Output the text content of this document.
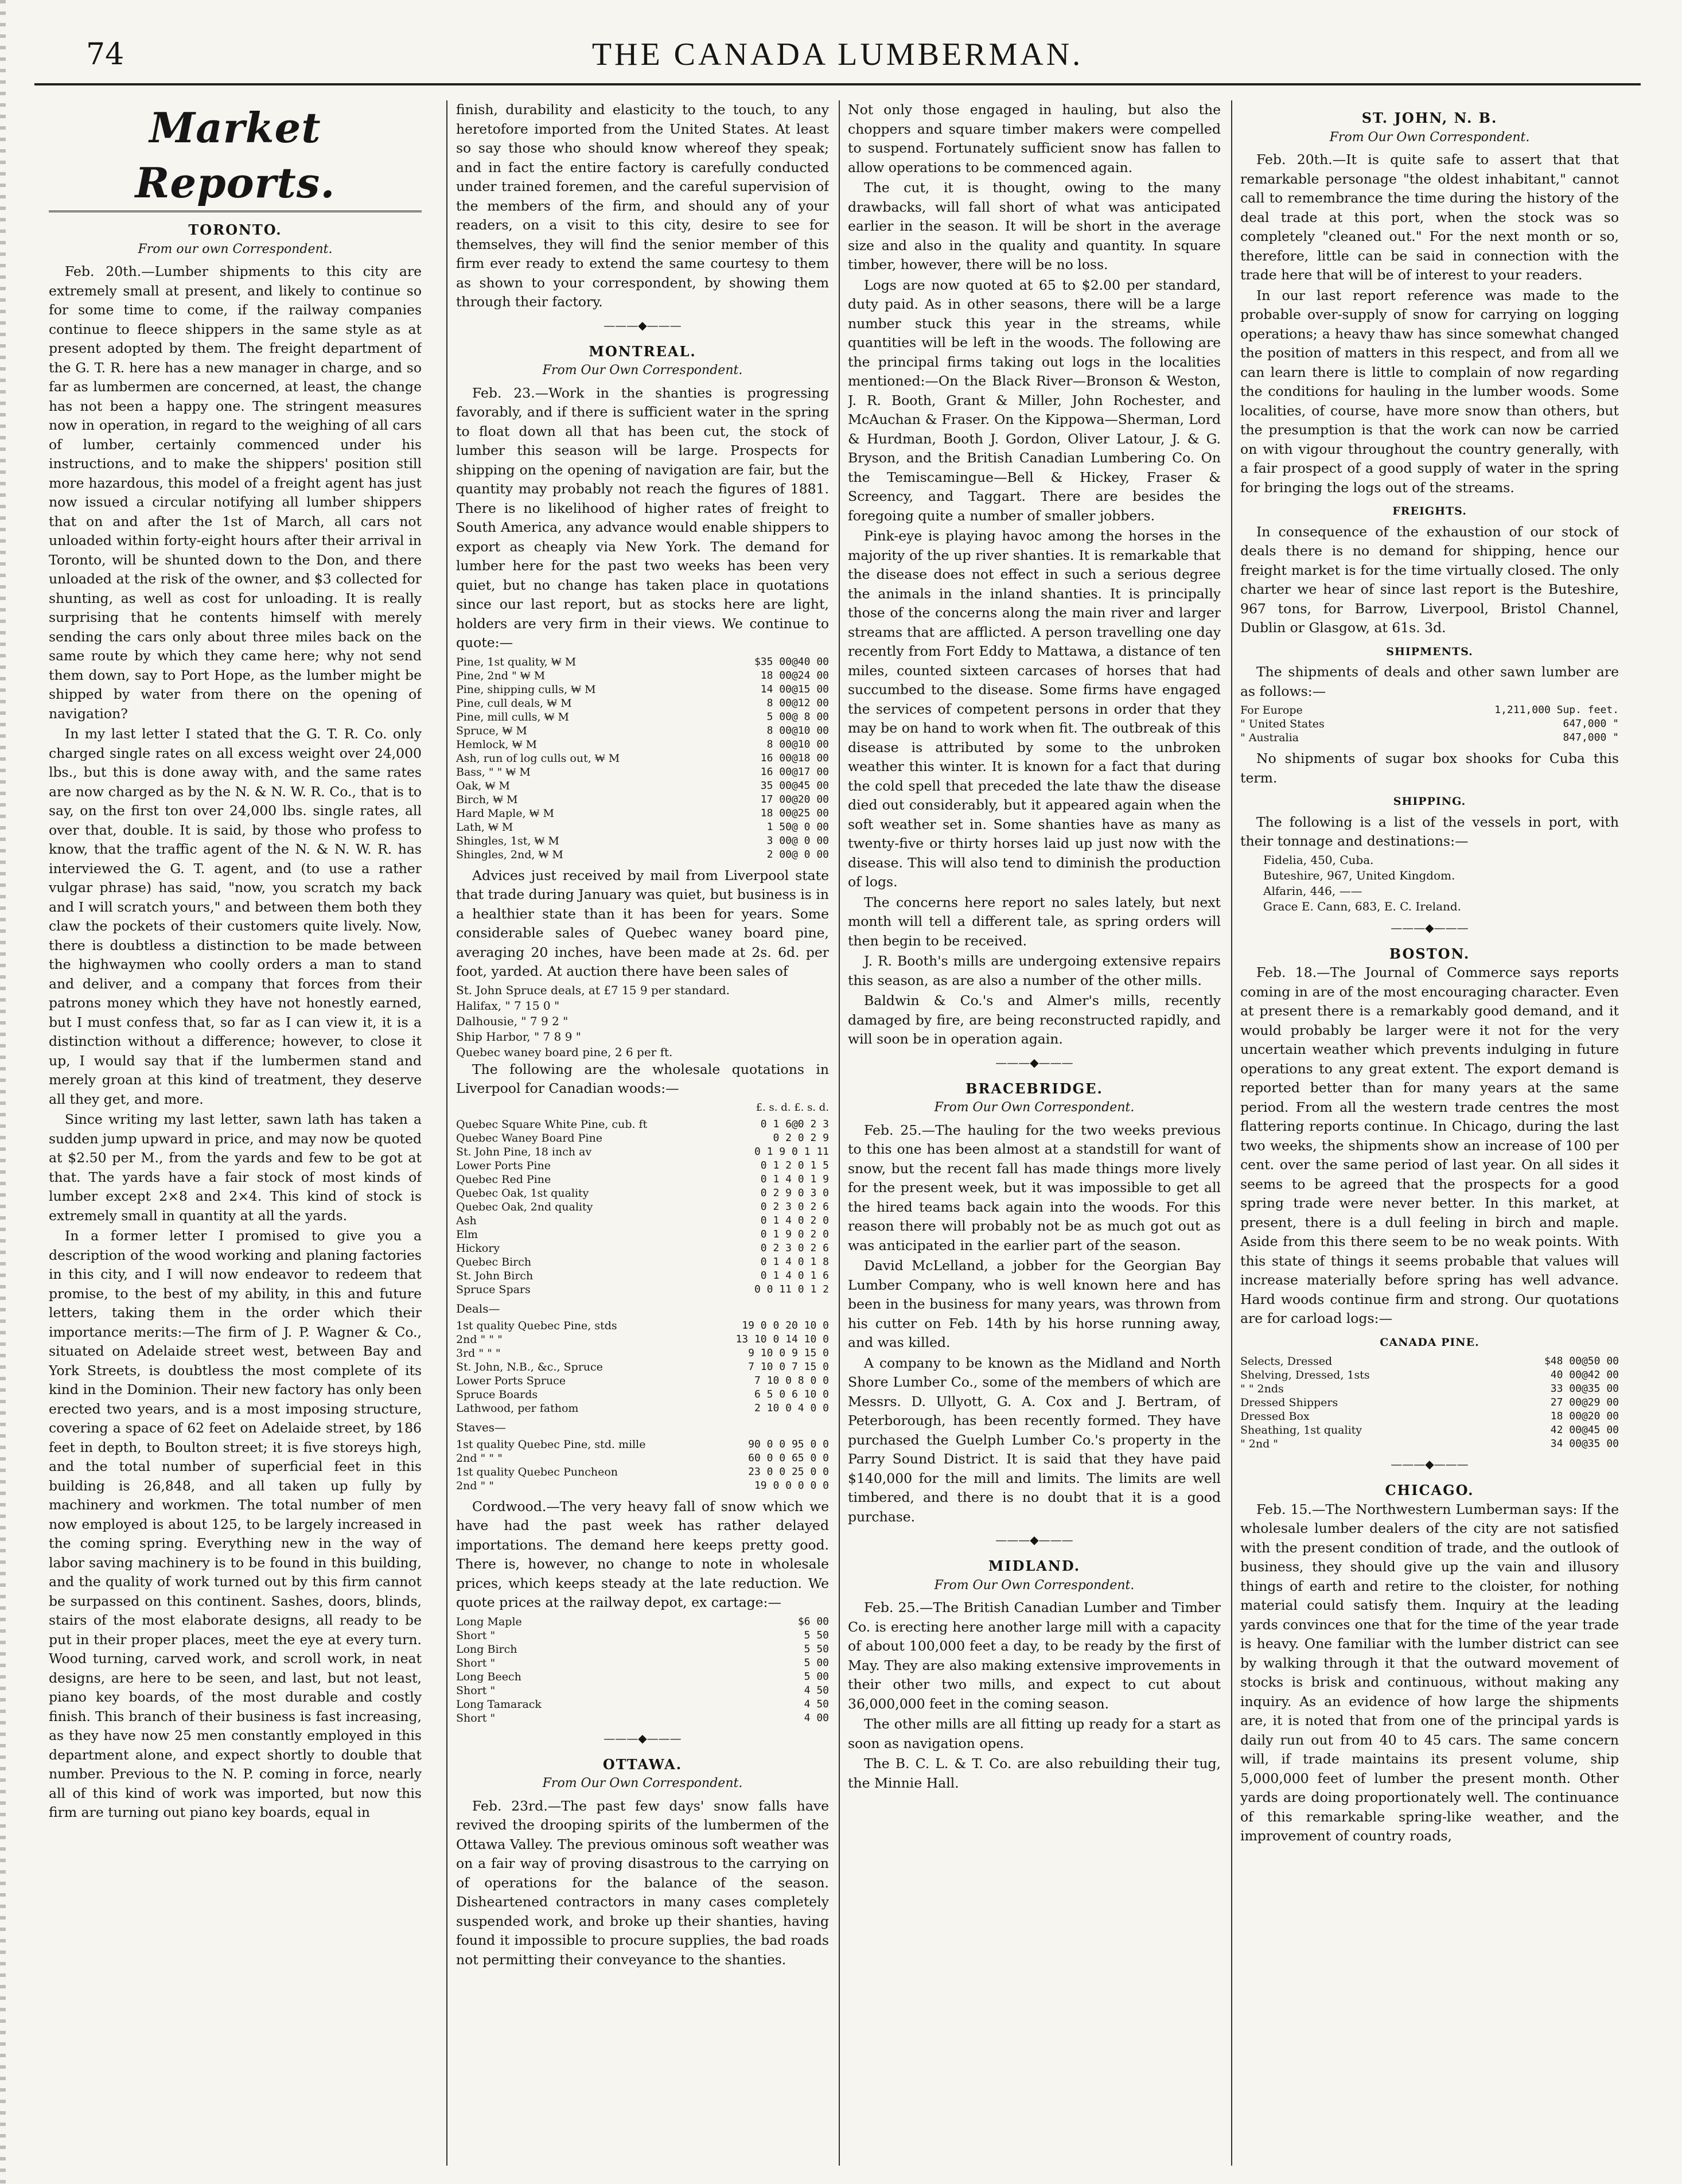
74	THE CANADA LUMBERMAN.
Market Reports.
TORONTO.
From our own Correspondent.

Feb. 20th.—Lumber shipments to this city are extremely small at present, and likely to continue so for some time to come, if the railway companies continue to fleece shippers in the same style as at present adopted by them. The freight department of the G. T. R. here has a new manager in charge, and so far as lumbermen are concerned, at least, the change has not been a happy one. The stringent measures now in operation, in regard to the weighing of all cars of lumber, certainly commenced under his instructions, and to make the shippers' position still more hazardous, this model of a freight agent has just now issued a circular notifying all lumber shippers that on and after the 1st of March, all cars not unloaded within forty-eight hours after their arrival in Toronto, will be shunted down to the Don, and there unloaded at the risk of the owner, and $3 collected for shunting, as well as cost for unloading. It is really surprising that he contents himself with merely sending the cars only about three miles back on the same route by which they came here; why not send them down, say to Port Hope, as the lumber might be shipped by water from there on the opening of navigation?

In my last letter I stated that the G. T. R. Co. only charged single rates on all excess weight over 24,000 lbs., but this is done away with, and the same rates are now charged as by the N. & N. W. R. Co., that is to say, on the first ton over 24,000 lbs. single rates, all over that, double. It is said, by those who profess to know, that the traffic agent of the N. & N. W. R. has interviewed the G. T. agent, and (to use a rather vulgar phrase) has said, "now, you scratch my back and I will scratch yours," and between them both they claw the pockets of their customers quite lively. Now, there is doubtless a distinction to be made between the highwaymen who coolly orders a man to stand and deliver, and a company that forces from their patrons money which they have not honestly earned, but I must confess that, so far as I can view it, it is a distinction without a difference; however, to close it up, I would say that if the lumbermen stand and merely groan at this kind of treatment, they deserve all they get, and more.

Since writing my last letter, sawn lath has taken a sudden jump upward in price, and may now be quoted at $2.50 per M., from the yards and few to be got at that. The yards have a fair stock of most kinds of lumber except 2×8 and 2×4. This kind of stock is extremely small in quantity at all the yards.

In a former letter I promised to give you a description of the wood working and planing factories in this city, and I will now endeavor to redeem that promise, to the best of my ability, in this and future letters, taking them in the order which their importance merits:—The firm of J. P. Wagner & Co., situated on Adelaide street west, between Bay and York Streets, is doubtless the most complete of its kind in the Dominion. Their new factory has only been erected two years, and is a most imposing structure, covering a space of 62 feet on Adelaide street, by 186 feet in depth, to Boulton street; it is five storeys high, and the total number of superficial feet in this building is 26,848, and all taken up fully by machinery and workmen. The total number of men now employed is about 125, to be largely increased in the coming spring. Everything new in the way of labor saving machinery is to be found in this building, and the quality of work turned out by this firm cannot be surpassed on this continent. Sashes, doors, blinds, stairs of the most elaborate designs, all ready to be put in their proper places, meet the eye at every turn. Wood turning, carved work, and scroll work, in neat designs, are here to be seen, and last, but not least, piano key boards, of the most durable and costly finish. This branch of their business is fast increasing, as they have now 25 men constantly employed in this department alone, and expect shortly to double that number. Previous to the N. P. coming in force, nearly all of this kind of work was imported, but now this firm are turning out piano key boards, equal in

finish, durability and elasticity to the touch, to any heretofore imported from the United States. At least so say those who should know whereof they speak; and in fact the entire factory is carefully conducted under trained foremen, and the careful supervision of the members of the firm, and should any of your readers, on a visit to this city, desire to see for themselves, they will find the senior member of this firm ever ready to extend the same courtesy to them as shown to your correspondent, by showing them through their factory.

———◆———
MONTREAL.
From Our Own Correspondent.

Feb. 23.—Work in the shanties is progressing favorably, and if there is sufficient water in the spring to float down all that has been cut, the stock of lumber this season will be large. Prospects for shipping on the opening of navigation are fair, but the quantity may probably not reach the figures of 1881. There is no likelihood of higher rates of freight to South America, any advance would enable shippers to export as cheaply via New York. The demand for lumber here for the past two weeks has been very quiet, but no change has taken place in quotations since our last report, but as stocks here are light, holders are very firm in their views. We continue to quote:—

Pine, 1st quality, ₩ M	$35 00@40 00
Pine, 2nd " ₩ M	18 00@24 00
Pine, shipping culls, ₩ M	14 00@15 00
Pine, cull deals, ₩ M	8 00@12 00
Pine, mill culls, ₩ M	5 00@ 8 00
Spruce, ₩ M	8 00@10 00
Hemlock, ₩ M	8 00@10 00
Ash, run of log culls out, ₩ M	16 00@18 00
Bass, " " ₩ M	16 00@17 00
Oak, ₩ M	35 00@45 00
Birch, ₩ M	17 00@20 00
Hard Maple, ₩ M	18 00@25 00
Lath, ₩ M	1 50@ 0 00
Shingles, 1st, ₩ M	3 00@ 0 00
Shingles, 2nd, ₩ M	2 00@ 0 00

Advices just received by mail from Liverpool state that trade during January was quiet, but business is in a healthier state than it has been for years. Some considerable sales of Quebec waney board pine, averaging 20 inches, have been made at 2s. 6d. per foot, yarded. At auction there have been sales of

St. John Spruce deals, at £7 15 9 per standard.
Halifax, " 7 15 0 "
Dalhousie, " 7 9 2 "
Ship Harbor, " 7 8 9 "
Quebec waney board pine, 2 6 per ft.

The following are the wholesale quotations in Liverpool for Canadian woods:—

£. s. d. £. s. d.
Quebec Square White Pine, cub. ft	0 1 6@0 2 3
Quebec Waney Board Pine	0 2 0 2 9
St. John Pine, 18 inch av	0 1 9 0 1 11
Lower Ports Pine	0 1 2 0 1 5
Quebec Red Pine	0 1 4 0 1 9
Quebec Oak, 1st quality	0 2 9 0 3 0
Quebec Oak, 2nd quality	0 2 3 0 2 6
Ash	0 1 4 0 2 0
Elm	0 1 9 0 2 0
Hickory	0 2 3 0 2 6
Quebec Birch	0 1 4 0 1 8
St. John Birch	0 1 4 0 1 6
Spruce Spars	0 0 11 0 1 2
Deals—
1st quality Quebec Pine, stds	19 0 0 20 10 0
2nd " " "	13 10 0 14 10 0
3rd " " "	9 10 0 9 15 0
St. John, N.B., &c., Spruce	7 10 0 7 15 0
Lower Ports Spruce	7 10 0 8 0 0
Spruce Boards	6 5 0 6 10 0
Lathwood, per fathom	2 10 0 4 0 0
Staves—
1st quality Quebec Pine, std. mille	90 0 0 95 0 0
2nd " " "	60 0 0 65 0 0
1st quality Quebec Puncheon	23 0 0 25 0 0
2nd " "	19 0 0 0 0 0

Cordwood.—The very heavy fall of snow which we have had the past week has rather delayed importations. The demand here keeps pretty good. There is, however, no change to note in wholesale prices, which keeps steady at the late reduction. We quote prices at the railway depot, ex cartage:—

Long Maple	$6 00
Short "	5 50
Long Birch	5 50
Short "	5 00
Long Beech	5 00
Short "	4 50
Long Tamarack	4 50
Short "	4 00
———◆———
OTTAWA.
From Our Own Correspondent.

Feb. 23rd.—The past few days' snow falls have revived the drooping spirits of the lumbermen of the Ottawa Valley. The previous ominous soft weather was on a fair way of proving disastrous to the carrying on of operations for the balance of the season. Disheartened contractors in many cases completely suspended work, and broke up their shanties, having found it impossible to procure supplies, the bad roads not permitting their conveyance to the shanties.

Not only those engaged in hauling, but also the choppers and square timber makers were compelled to suspend. Fortunately sufficient snow has fallen to allow operations to be commenced again.

The cut, it is thought, owing to the many drawbacks, will fall short of what was anticipated earlier in the season. It will be short in the average size and also in the quality and quantity. In square timber, however, there will be no loss.

Logs are now quoted at 65 to $2.00 per standard, duty paid. As in other seasons, there will be a large number stuck this year in the streams, while quantities will be left in the woods. The following are the principal firms taking out logs in the localities mentioned:—On the Black River—Bronson & Weston, J. R. Booth, Grant & Miller, John Rochester, and McAuchan & Fraser. On the Kippowa—Sherman, Lord & Hurdman, Booth J. Gordon, Oliver Latour, J. & G. Bryson, and the British Canadian Lumbering Co. On the Temiscamingue—Bell & Hickey, Fraser & Screency, and Taggart. There are besides the foregoing quite a number of smaller jobbers.

Pink-eye is playing havoc among the horses in the majority of the up river shanties. It is remarkable that the disease does not effect in such a serious degree the animals in the inland shanties. It is principally those of the concerns along the main river and larger streams that are afflicted. A person travelling one day recently from Fort Eddy to Mattawa, a distance of ten miles, counted sixteen carcases of horses that had succumbed to the disease. Some firms have engaged the services of competent persons in order that they may be on hand to work when fit. The outbreak of this disease is attributed by some to the unbroken weather this winter. It is known for a fact that during the cold spell that preceded the late thaw the disease died out considerably, but it appeared again when the soft weather set in. Some shanties have as many as twenty-five or thirty horses laid up just now with the disease. This will also tend to diminish the production of logs.

The concerns here report no sales lately, but next month will tell a different tale, as spring orders will then begin to be received.

J. R. Booth's mills are undergoing extensive repairs this season, as are also a number of the other mills.

Baldwin & Co.'s and Almer's mills, recently damaged by fire, are being reconstructed rapidly, and will soon be in operation again.

———◆———
BRACEBRIDGE.
From Our Own Correspondent.

Feb. 25.—The hauling for the two weeks previous to this one has been almost at a standstill for want of snow, but the recent fall has made things more lively for the present week, but it was impossible to get all the hired teams back again into the woods. For this reason there will probably not be as much got out as was anticipated in the earlier part of the season.

David McLelland, a jobber for the Georgian Bay Lumber Company, who is well known here and has been in the business for many years, was thrown from his cutter on Feb. 14th by his horse running away, and was killed.

A company to be known as the Midland and North Shore Lumber Co., some of the members of which are Messrs. D. Ullyott, G. A. Cox and J. Bertram, of Peterborough, has been recently formed. They have purchased the Guelph Lumber Co.'s property in the Parry Sound District. It is said that they have paid $140,000 for the mill and limits. The limits are well timbered, and there is no doubt that it is a good purchase.

———◆———
MIDLAND.
From Our Own Correspondent.

Feb. 25.—The British Canadian Lumber and Timber Co. is erecting here another large mill with a capacity of about 100,000 feet a day, to be ready by the first of May. They are also making extensive improvements in their other two mills, and expect to cut about 36,000,000 feet in the coming season.

The other mills are all fitting up ready for a start as soon as navigation opens.

The B. C. L. & T. Co. are also rebuilding their tug, the Minnie Hall.

ST. JOHN, N. B.
From Our Own Correspondent.

Feb. 20th.—It is quite safe to assert that that remarkable personage "the oldest inhabitant," cannot call to remembrance the time during the history of the deal trade at this port, when the stock was so completely "cleaned out." For the next month or so, therefore, little can be said in connection with the trade here that will be of interest to your readers.

In our last report reference was made to the probable over-supply of snow for carrying on logging operations; a heavy thaw has since somewhat changed the position of matters in this respect, and from all we can learn there is little to complain of now regarding the conditions for hauling in the lumber woods. Some localities, of course, have more snow than others, but the presumption is that the work can now be carried on with vigour throughout the country generally, with a fair prospect of a good supply of water in the spring for bringing the logs out of the streams.

FREIGHTS.

In consequence of the exhaustion of our stock of deals there is no demand for shipping, hence our freight market is for the time virtually closed. The only charter we hear of since last report is the Buteshire, 967 tons, for Barrow, Liverpool, Bristol Channel, Dublin or Glasgow, at 61s. 3d.

SHIPMENTS.

The shipments of deals and other sawn lumber are as follows:—

For Europe	1,211,000 Sup. feet.
" United States	647,000 "
" Australia	847,000 "

No shipments of sugar box shooks for Cuba this term.

SHIPPING.

The following is a list of the vessels in port, with their tonnage and destinations:—

Fidelia, 450, Cuba.
Buteshire, 967, United Kingdom.
Alfarin, 446, ——
Grace E. Cann, 683, E. C. Ireland.
———◆———
BOSTON.

Feb. 18.—The Journal of Commerce says reports coming in are of the most encouraging character. Even at present there is a remarkably good demand, and it would probably be larger were it not for the very uncertain weather which prevents indulging in future operations to any great extent. The export demand is reported better than for many years at the same period. From all the western trade centres the most flattering reports continue. In Chicago, during the last two weeks, the shipments show an increase of 100 per cent. over the same period of last year. On all sides it seems to be agreed that the prospects for a good spring trade were never better. In this market, at present, there is a dull feeling in birch and maple. Aside from this there seem to be no weak points. With this state of things it seems probable that values will increase materially before spring has well advance. Hard woods continue firm and strong. Our quotations are for carload logs:—

CANADA PINE.
Selects, Dressed	$48 00@50 00
Shelving, Dressed, 1sts	40 00@42 00
" " 2nds	33 00@35 00
Dressed Shippers	27 00@29 00
Dressed Box	18 00@20 00
Sheathing, 1st quality	42 00@45 00
" 2nd "	34 00@35 00
———◆———
CHICAGO.

Feb. 15.—The Northwestern Lumberman says: If the wholesale lumber dealers of the city are not satisfied with the present condition of trade, and the outlook of business, they should give up the vain and illusory things of earth and retire to the cloister, for nothing material could satisfy them. Inquiry at the leading yards convinces one that for the time of the year trade is heavy. One familiar with the lumber district can see by walking through it that the outward movement of stocks is brisk and continuous, without making any inquiry. As an evidence of how large the shipments are, it is noted that from one of the principal yards is daily run out from 40 to 45 cars. The same concern will, if trade maintains its present volume, ship 5,000,000 feet of lumber the present month. Other yards are doing proportionately well. The continuance of this remarkable spring-like weather, and the improvement of country roads,
